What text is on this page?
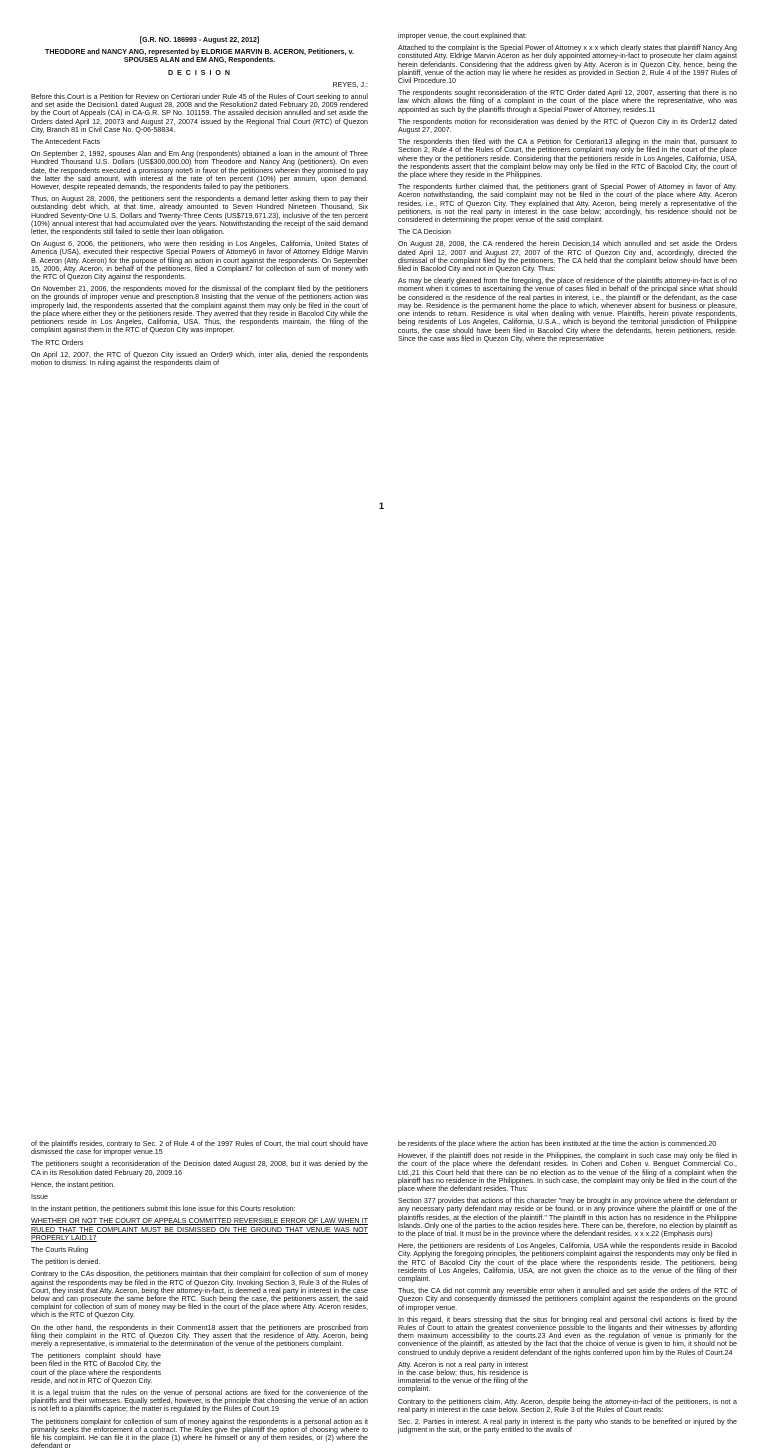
[G.R. NO. 186993 - August 22, 2012]

THEODORE and NANCY ANG, represented by ELDRIGE MARVIN B. ACERON, Petitioners, v. SPOUSES ALAN and EM ANG, Respondents.

D E C I S I O N

REYES, J.:

Before this Court is a Petition for Review on Certiorari under Rule 45 of the Rules of Court seeking to annul and set aside the Decision1 dated August 28, 2008 and the Resolution2 dated February 20, 2009 rendered by the Court of Appeals (CA) in CA-G.R. SP No. 101159. The assailed decision annulled and set aside the Orders dated April 12, 20073 and August 27, 20074 issued by the Regional Trial Court (RTC) of Quezon City, Branch 81 in Civil Case No. Q-06-58834.

The Antecedent Facts

On September 2, 1992, spouses Alan and Em Ang (respondents) obtained a loan in the amount of Three Hundred Thousand U.S. Dollars (US$300,000.00) from Theodore and Nancy Ang (petitioners). On even date, the respondents executed a promissory note5 in favor of the petitioners wherein they promised to pay the latter the said amount, with interest at the rate of ten percent (10%) per annum, upon demand. However, despite repeated demands, the respondents failed to pay the petitioners.

Thus, on August 28, 2006, the petitioners sent the respondents a demand letter asking them to pay their outstanding debt which, at that time, already amounted to Seven Hundred Nineteen Thousand, Six Hundred Seventy-One U.S. Dollars and Twenty-Three Cents (US$719,671.23), inclusive of the ten percent (10%) annual interest that had accumulated over the years. Notwithstanding the receipt of the said demand letter, the respondents still failed to settle their loan obligation.

On August 6, 2006, the petitioners, who were then residing in Los Angeles, California, United States of America (USA), executed their respective Special Powers of Attorney6 in favor of Attorney Eldrige Marvin B. Aceron (Atty. Aceron) for the purpose of filing an action in court against the respondents. On September 15, 2006, Atty. Aceron, in behalf of the petitioners, filed a Complaint7 for collection of sum of money with the RTC of Quezon City against the respondents.

On November 21, 2006, the respondents moved for the dismissal of the complaint filed by the petitioners on the grounds of improper venue and prescription.8 Insisting that the venue of the petitioners action was improperly laid, the respondents asserted that the complaint against them may only be filed in the court of the place where either they or the petitioners reside. They averred that they reside in Bacolod City while the petitioners reside in Los Angeles, California, USA. Thus, the respondents maintain, the filing of the complaint against them in the RTC of Quezon City was improper.

The RTC Orders

On April 12, 2007, the RTC of Quezon City issued an Order9 which, inter alia, denied the respondents motion to dismiss. In ruling against the respondents claim of

improper venue, the court explained that:

Attached to the complaint is the Special Power of Attorney x x x which clearly states that plaintiff Nancy Ang constituted Atty. Eldrige Marvin Aceron as her duly appointed attorney-in-fact to prosecute her claim against herein defendants. Considering that the address given by Atty. Aceron is in Quezon City, hence, being the plaintiff, venue of the action may lie where he resides as provided in Section 2, Rule 4 of the 1997 Rules of Civil Procedure.10

The respondents sought reconsideration of the RTC Order dated April 12, 2007, asserting that there is no law which allows the filing of a complaint in the court of the place where the representative, who was appointed as such by the plaintiffs through a Special Power of Attorney, resides.11

The respondents motion for reconsideration was denied by the RTC of Quezon City in its Order12 dated August 27, 2007.

The respondents then filed with the CA a Petition for Certiorari13 alleging in the main that, pursuant to Section 2, Rule 4 of the Rules of Court, the petitioners complaint may only be filed in the court of the place where they or the petitioners reside. Considering that the petitioners reside in Los Angeles, California, USA, the respondents assert that the complaint below may only be filed in the RTC of Bacolod City, the court of the place where they reside in the Philippines.

The respondents further claimed that, the petitioners grant of Special Power of Attorney in favor of Atty. Aceron notwithstanding, the said complaint may not be filed in the court of the place where Atty. Aceron resides, i.e., RTC of Quezon City. They explained that Atty. Aceron, being merely a representative of the petitioners, is not the real party in interest in the case below; accordingly, his residence should not be considered in determining the proper venue of the said complaint.

The CA Decision

On August 28, 2008, the CA rendered the herein Decision,14 which annulled and set aside the Orders dated April 12, 2007 and August 27, 2007 of the RTC of Quezon City and, accordingly, directed the dismissal of the complaint filed by the petitioners. The CA held that the complaint below should have been filed in Bacolod City and not in Quezon City. Thus:

As may be clearly gleaned from the foregoing, the place of residence of the plaintiffs attorney-in-fact is of no moment when it comes to ascertaining the venue of cases filed in behalf of the principal since what should be considered is the residence of the real parties in interest, i.e., the plaintiff or the defendant, as the case may be. Residence is the permanent home the place to which, whenever absent for business or pleasure, one intends to return. Residence is vital when dealing with venue. Plaintiffs, herein private respondents, being residents of Los Angeles, California, U.S.A., which is beyond the territorial jurisdiction of Philippine courts, the case should have been filed in Bacolod City where the defendants, herein petitioners, reside. Since the case was filed in Quezon City, where the representative

1

of the plaintiffs resides, contrary to Sec. 2 of Rule 4 of the 1997 Rules of Court, the trial court should have dismissed the case for improper venue.15

The petitioners sought a reconsideration of the Decision dated August 28, 2008, but it was denied by the CA in its Resolution dated February 20, 2009.16

Hence, the instant petition.

Issue

In the instant petition, the petitioners submit this lone issue for this Courts resolution:

WHETHER OR NOT THE COURT OF APPEALS COMMITTED REVERSIBLE ERROR OF LAW WHEN IT RULED THAT THE COMPLAINT MUST BE DISMISSED ON THE GROUND THAT VENUE WAS NOT PROPERLY LAID.17

The Courts Ruling

The petition is denied.

Contrary to the CAs disposition, the petitioners maintain that their complaint for collection of sum of money against the respondents may be filed in the RTC of Quezon City. Invoking Section 3, Rule 3 of the Rules of Court, they insist that Atty. Aceron, being their attorney-in-fact, is deemed a real party in interest in the case below and can prosecute the same before the RTC. Such being the case, the petitioners assert, the said complaint for collection of sum of money may be filed in the court of the place where Atty. Aceron resides, which is the RTC of Quezon City.

On the other hand, the respondents in their Comment18 assert that the petitioners are proscribed from filing their complaint in the RTC of Quezon City. They assert that the residence of Atty. Aceron, being merely a representative, is immaterial to the determination of the venue of the petitioners complaint.

The petitioners complaint should have been filed in the RTC of Bacolod City, the court of the place where the respondents reside, and not in RTC of Quezon City.

It is a legal truism that the rules on the venue of personal actions are fixed for the convenience of the plaintiffs and their witnesses. Equally settled, however, is the principle that choosing the venue of an action is not left to a plaintiffs caprice; the matter is regulated by the Rules of Court.19

The petitioners complaint for collection of sum of money against the respondents is a personal action as it primarily seeks the enforcement of a contract. The Rules give the plaintiff the option of choosing where to file his complaint. He can file it in the place (1) where he himself or any of them resides, or (2) where the defendant or

be residents of the place where the action has been instituted at the time the action is commenced.20

However, if the plaintiff does not reside in the Philippines, the complaint in such case may only be filed in the court of the place where the defendant resides. In Cohen and Cohen v. Benguet Commercial Co., Ltd.,21 this Court held that there can be no election as to the venue of the filing of a complaint when the plaintiff has no residence in the Philippines. In such case, the complaint may only be filed in the court of the place where the defendant resides. Thus:

Section 377 provides that actions of this character "may be brought in any province where the defendant or any necessary party defendant may reside or be found, or in any province where the plaintiff or one of the plaintiffs resides, at the election of the plaintiff." The plaintiff in this action has no residence in the Philippine Islands. Only one of the parties to the action resides here. There can be, therefore, no election by plaintiff as to the place of trial. It must be in the province where the defendant resides. x x x.22 (Emphasis ours)

Here, the petitioners are residents of Los Angeles, California, USA while the respondents reside in Bacolod City. Applying the foregoing principles, the petitioners complaint against the respondents may only be filed in the RTC of Bacolod City the court of the place where the respondents reside. The petitioners, being residents of Los Angeles, California, USA, are not given the choice as to the venue of the filing of their complaint.

Thus, the CA did not commit any reversible error when it annulled and set aside the orders of the RTC of Quezon City and consequently dismissed the petitioners complaint against the respondents on the ground of improper venue.

In this regard, it bears stressing that the situs for bringing real and personal civil actions is fixed by the Rules of Court to attain the greatest convenience possible to the litigants and their witnesses by affording them maximum accessibility to the courts.23 And even as the regulation of venue is primarily for the convenience of the plaintiff, as attested by the fact that the choice of venue is given to him, it should not be construed to unduly deprive a resident defendant of the rights conferred upon him by the Rules of Court.24

Atty. Aceron is not a real party in interest in the case below; thus, his residence is immaterial to the venue of the filing of the complaint.

Contrary to the petitioners claim, Atty. Aceron, despite being the attorney-in-fact of the petitioners, is not a real party in interest in the case below. Section 2, Rule 3 of the Rules of Court reads:

Sec. 2. Parties in interest. A real party in interest is the party who stands to be benefited or injured by the judgment in the suit, or the party entitled to the avails of
